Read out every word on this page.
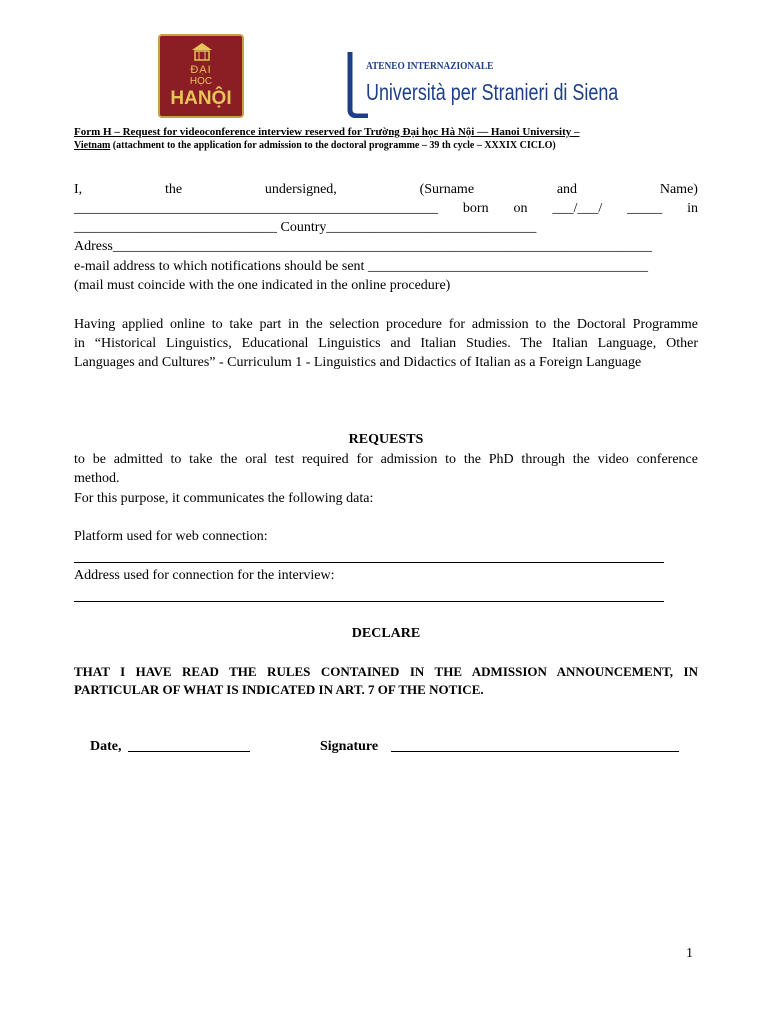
ĐẠI
HỌC
HANỘI
ATENEO INTERNAZIONALE
Università per Stranieri di Siena
Form H – Request for videoconference interview reserved for Trường Đại học Hà Nội — Hanoi University –
Vietnam (attachment to the application for admission to the doctoral programme – 39 th cycle – XXXIX CICLO)
I,	the	undersigned,	(Surname	and	Name)
____________________________________________________ born on ___/___/ _____ in
_____________________________ Country______________________________
Adress_____________________________________________________________________________
e-mail address to which notifications should be sent ________________________________________
(mail must coincide with the one indicated in the online procedure)
Having applied online to take part in the selection procedure for admission to the Doctoral Programme
in “Historical Linguistics, Educational Linguistics and Italian Studies. The Italian Language, Other
Languages and Cultures” - Curriculum 1 - Linguistics and Didactics of Italian as a Foreign Language
REQUESTS
to be admitted to take the oral test required for admission to the PhD through the video conference
method.
For this purpose, it communicates the following data:
Platform used for web connection:
Address used for connection for the interview:
DECLARE
THAT I HAVE READ THE RULES CONTAINED IN THE ADMISSION ANNOUNCEMENT, IN
PARTICULAR OF WHAT IS INDICATED IN ART. 7 OF THE NOTICE.
Date,	Signature
1
